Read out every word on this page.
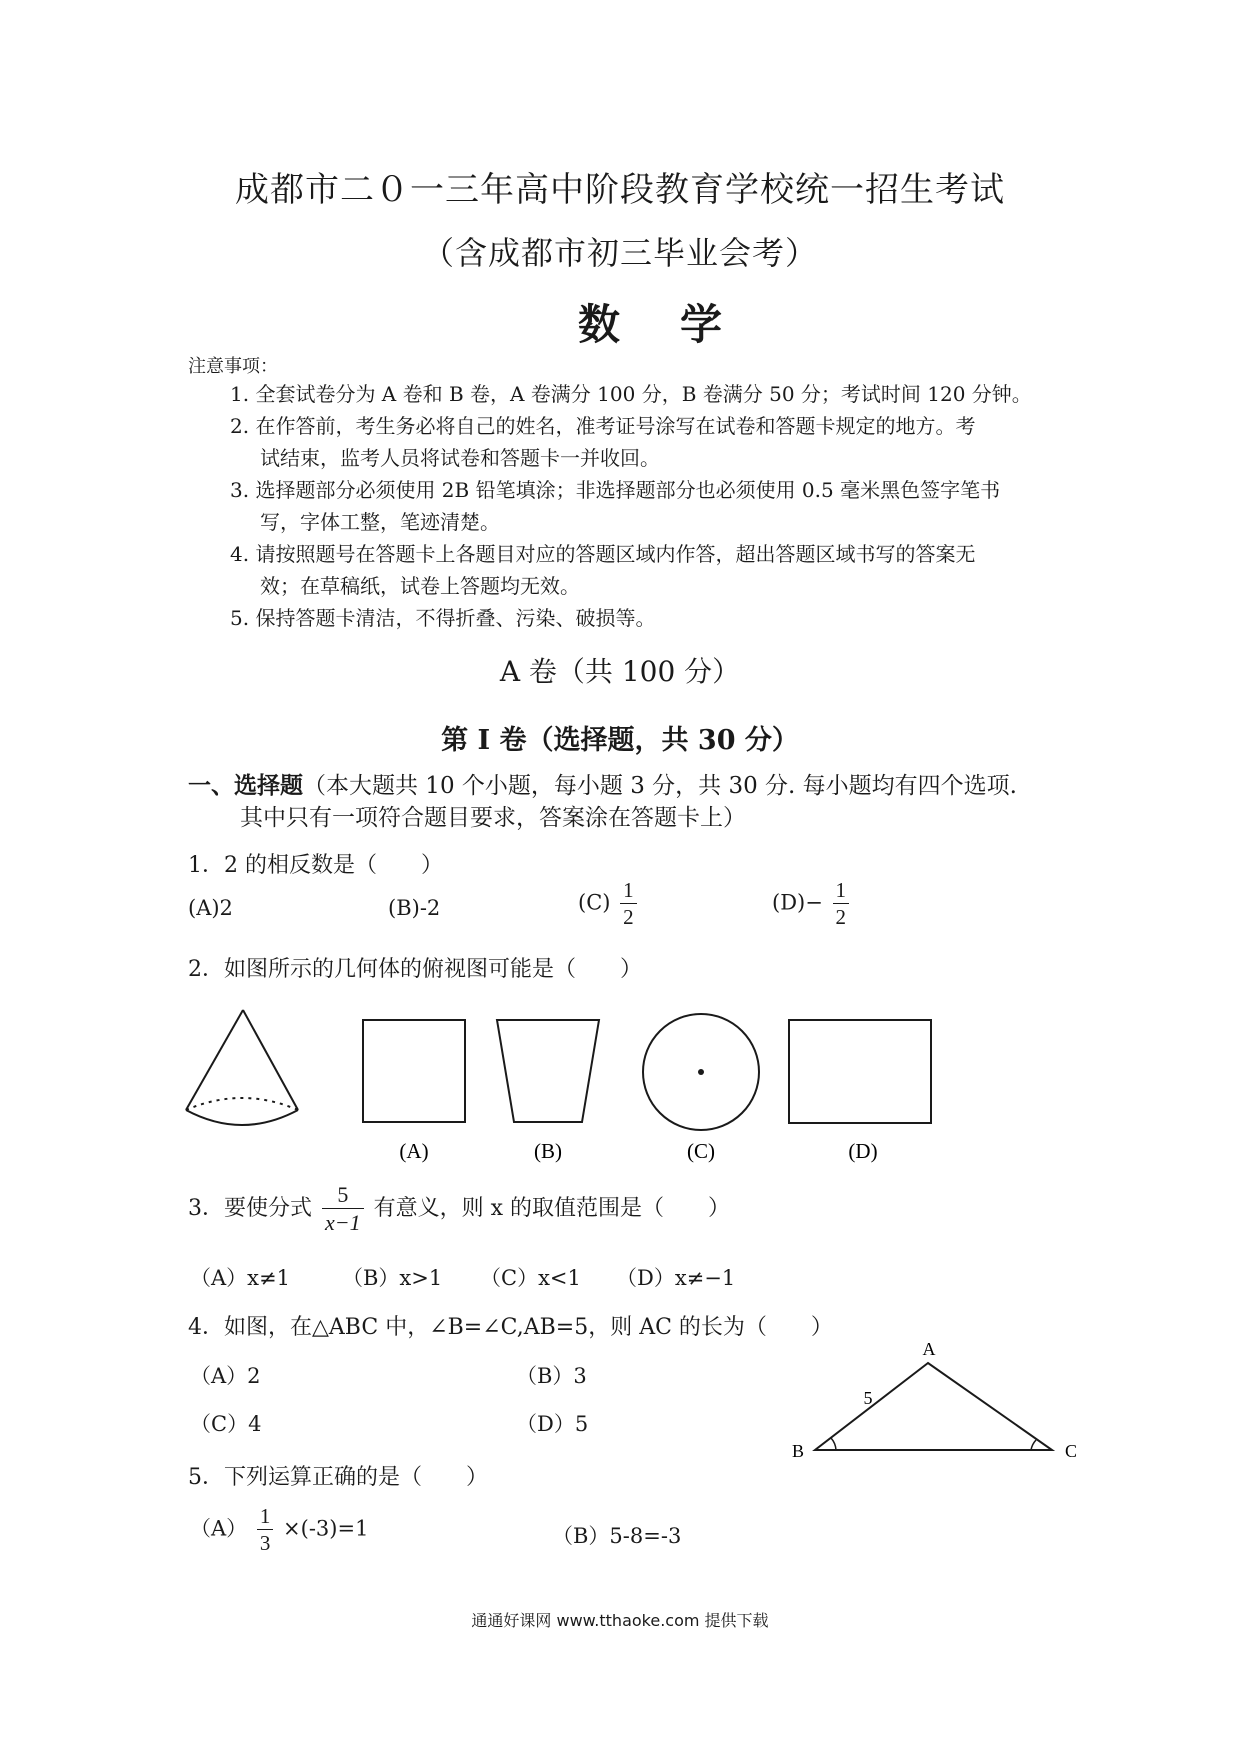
成都市二０一三年高中阶段教育学校统一招生考试
（含成都市初三毕业会考）
数学
注意事项：
1. 全套试卷分为 A 卷和 B 卷，A 卷满分 100 分，B 卷满分 50 分；考试时间 120 分钟。
2. 在作答前，考生务必将自己的姓名，准考证号涂写在试卷和答题卡规定的地方。考
试结束，监考人员将试卷和答题卡一并收回。
3. 选择题部分必须使用 2B 铅笔填涂；非选择题部分也必须使用 0.5 毫米黑色签字笔书
写，字体工整，笔迹清楚。
4. 请按照题号在答题卡上各题目对应的答题区域内作答，超出答题区域书写的答案无
效；在草稿纸，试卷上答题均无效。
5. 保持答题卡清洁，不得折叠、污染、破损等。
A 卷（共 100 分）
第 I 卷（选择题，共 30 分）
一、选择题（本大题共 10 个小题，每小题 3 分，共 30 分. 每小题均有四个选项.
其中只有一项符合题目要求，答案涂在答题卡上）
1．2 的相反数是（　　）
(A)2	(B)-2	$(C) \frac{1}{2}$	$(D)- \frac{1}{2}$
2．如图所示的几何体的俯视图可能是（　　）
(A)	(B)	(C)	(D)
3．要使分式 $\frac{5}{x-1}$ 有意义，则 x 的取值范围是（　　）
（A）x≠1 （B）x>1 （C）x<1 （D）x≠−1
4．如图，在△ABC 中，∠B=∠C,AB=5，则 AC 的长为（　　）
（A）2	（B）3
（C）4	（D）5
A
B	C
5
5．下列运算正确的是（　　）
$(A) \frac{1}{3} \times(-3)=1$	（B）5-8=-3
通通好课网 www.tthaoke.com 提供下载
